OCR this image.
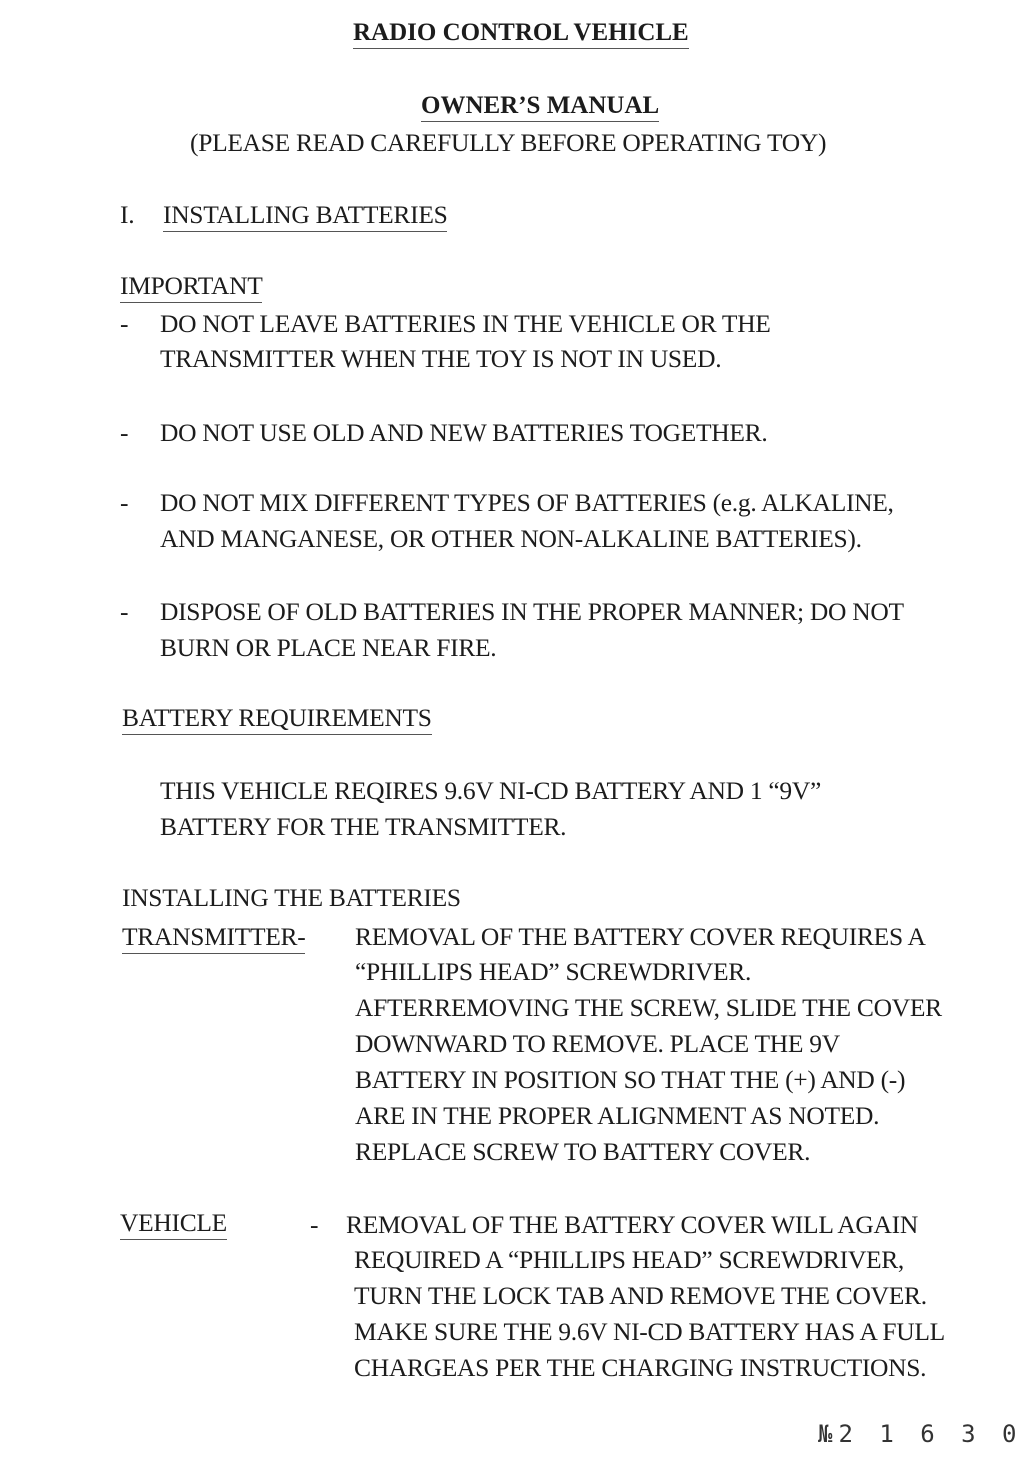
RADIO CONTROL VEHICLE
OWNER’S MANUAL
(PLEASE READ CAREFULLY BEFORE OPERATING TOY)
I. INSTALLING BATTERIES
IMPORTANT
- DO NOT LEAVE BATTERIES IN THE VEHICLE OR THE
TRANSMITTER WHEN THE TOY IS NOT IN USED.
- DO NOT USE OLD AND NEW BATTERIES TOGETHER.
- DO NOT MIX DIFFERENT TYPES OF BATTERIES (e.g. ALKALINE,
AND MANGANESE, OR OTHER NON-ALKALINE BATTERIES).
- DISPOSE OF OLD BATTERIES IN THE PROPER MANNER; DO NOT
BURN OR PLACE NEAR FIRE.
BATTERY REQUIREMENTS
THIS VEHICLE REQIRES 9.6V NI-CD BATTERY AND 1 “9V”
BATTERY FOR THE TRANSMITTER.
INSTALLING THE BATTERIES
TRANSMITTER- REMOVAL OF THE BATTERY COVER REQUIRES A
“PHILLIPS HEAD” SCREWDRIVER.
AFTERREMOVING THE SCREW, SLIDE THE COVER
DOWNWARD TO REMOVE. PLACE THE 9V
BATTERY IN POSITION SO THAT THE (+) AND (-)
ARE IN THE PROPER ALIGNMENT AS NOTED.
REPLACE SCREW TO BATTERY COVER.
VEHICLE	- REMOVAL OF THE BATTERY COVER WILL AGAIN
REQUIRED A “PHILLIPS HEAD” SCREWDRIVER,
TURN THE LOCK TAB AND REMOVE THE COVER.
MAKE SURE THE 9.6V NI-CD BATTERY HAS A FULL
CHARGEAS PER THE CHARGING INSTRUCTIONS.
№2 1 6 3 0
